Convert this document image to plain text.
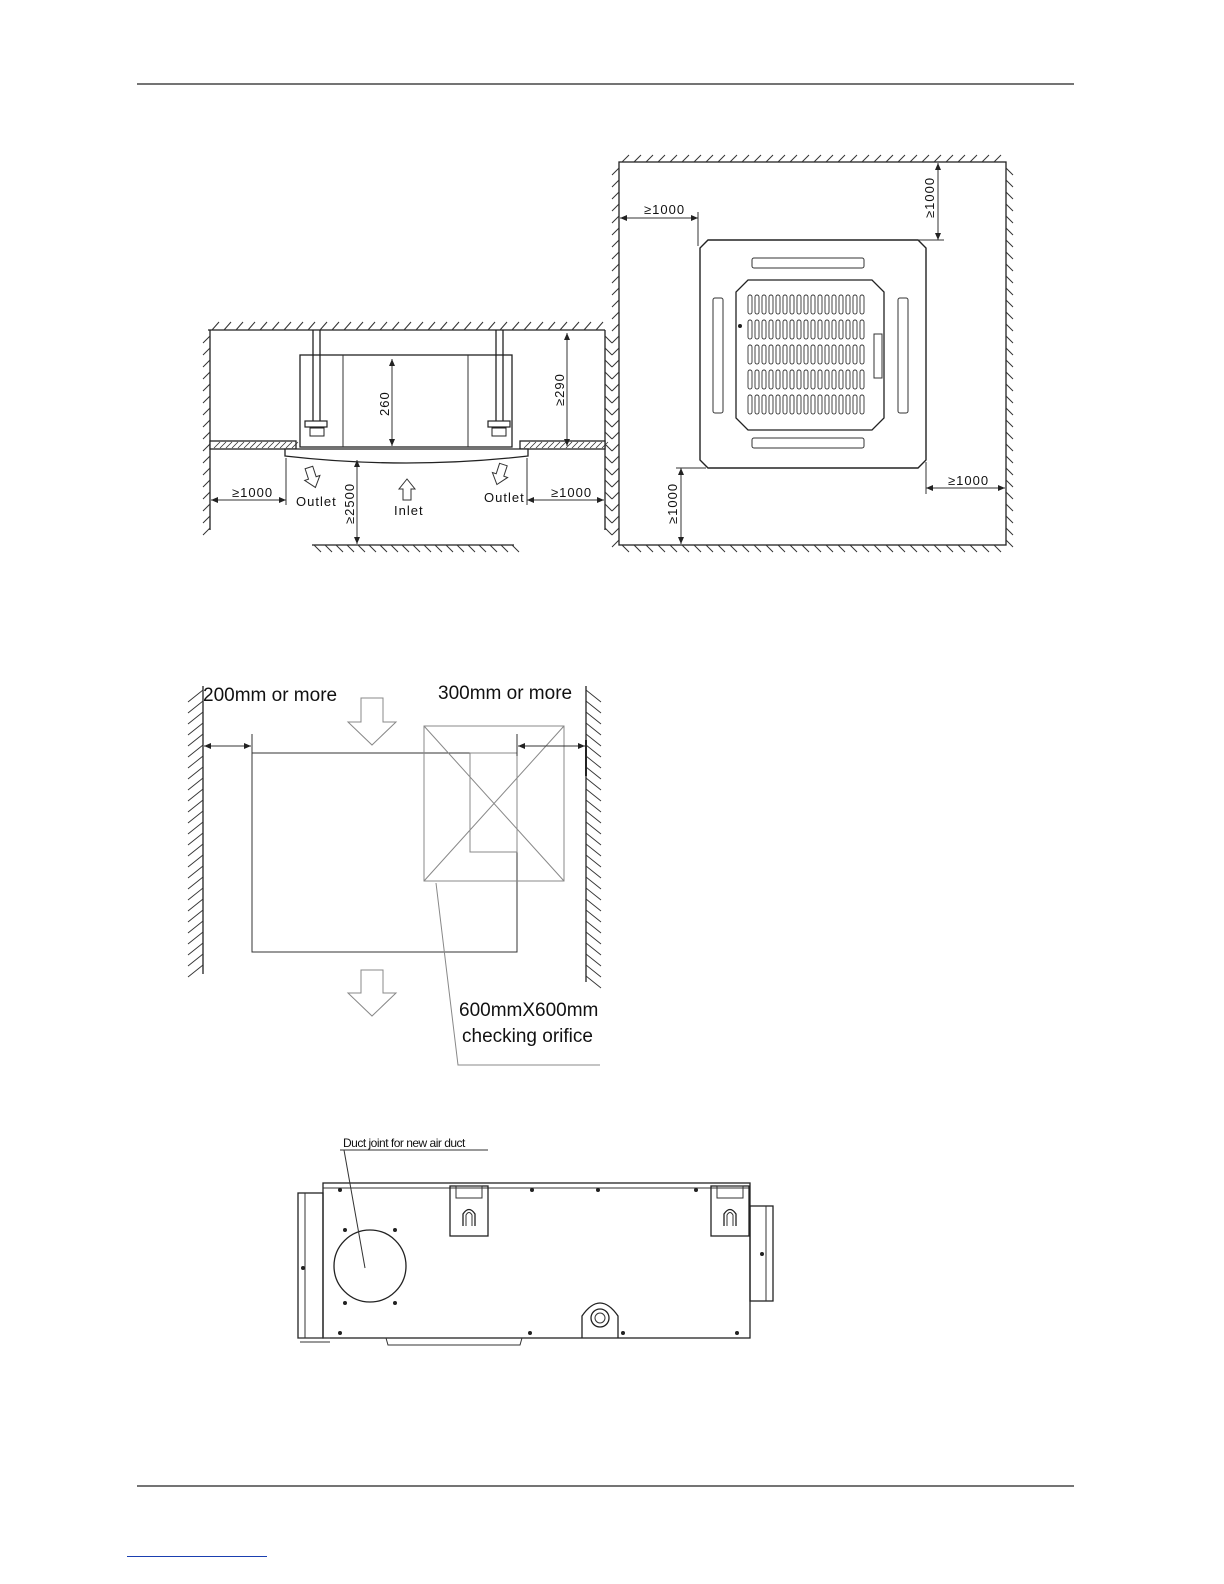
260	≥290
≥2500
≥1000	≥1000
Outlet
Inlet
Outlet
≥1000	≥1000
≥1000
≥1000
200mm or more	300mm or more
600mmX600mm
checking orifice
Duct joint for new air duct
